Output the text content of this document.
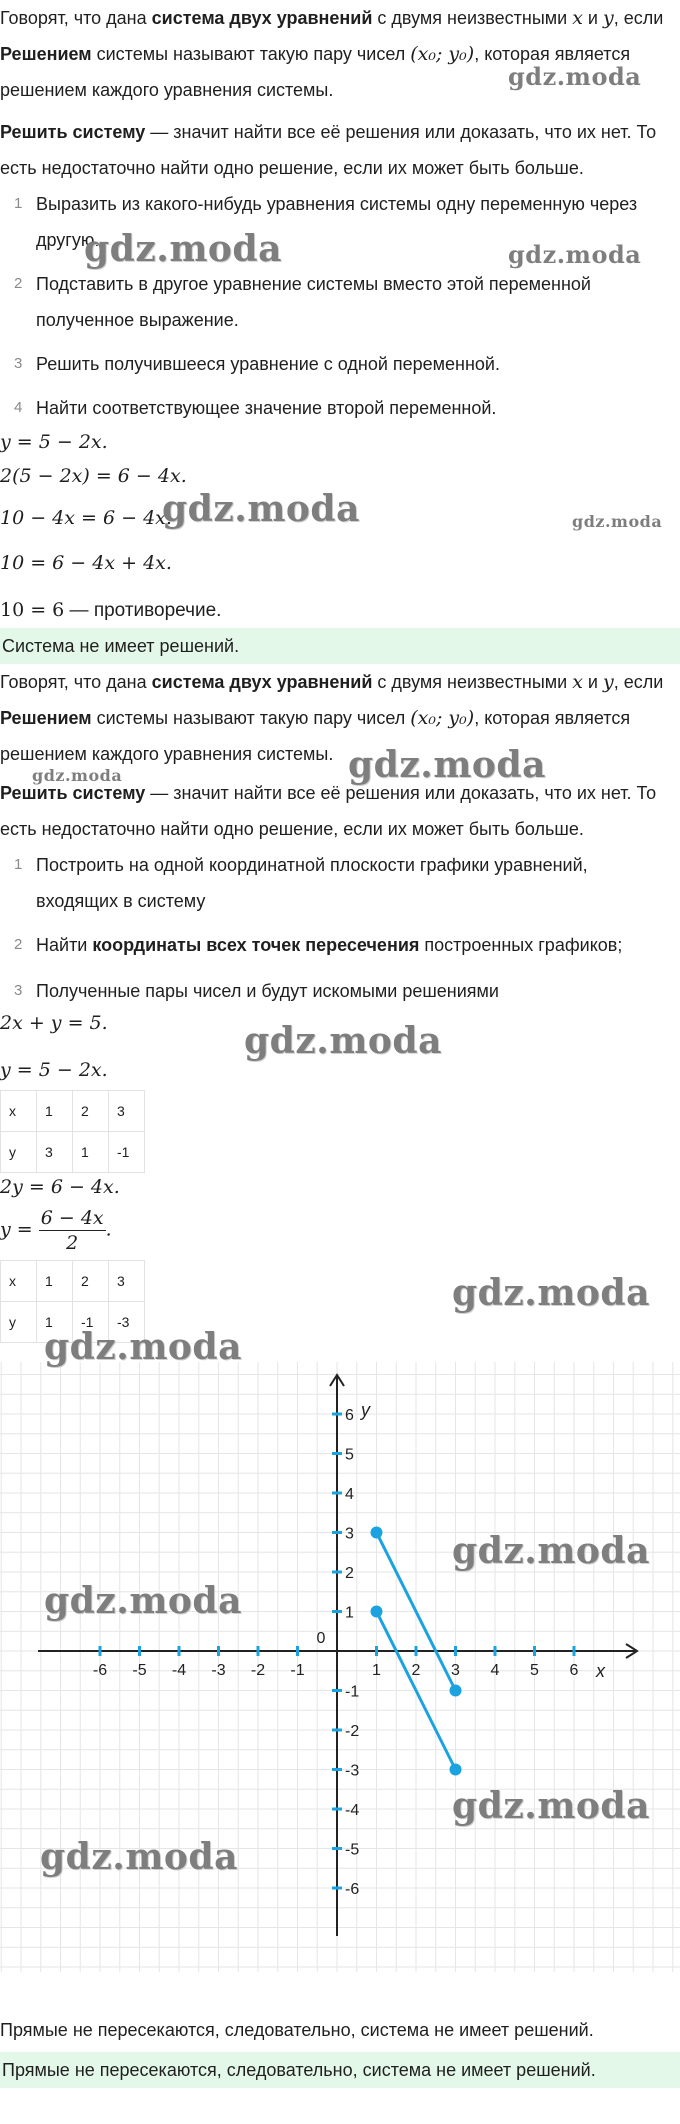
Говорят, что дана система двух уравнений с двумя неизвестными x и y, если

Решением системы называют такую пару чисел (x₀; y₀), которая является

решением каждого уравнения системы.

Решить систему — значит найти все её решения или доказать, что их нет. То

есть недостаточно найти одно решение, если их может быть больше.

1 Выразить из какого-нибудь уравнения системы одну переменную через
другую.
2 Подставить в другое уравнение системы вместо этой переменной
полученное выражение.
3 Решить получившееся уравнение с одной переменной.
4 Найти соответствующее значение второй переменной.
y = 5 − 2x.
2(5 − 2x) = 6 − 4x.
10 − 4x = 6 − 4x.
10 = 6 − 4x + 4x.
10 = 6 — противоречие.
Система не имеет решений.

Говорят, что дана система двух уравнений с двумя неизвестными x и y, если

Решением системы называют такую пару чисел (x₀; y₀), которая является

решением каждого уравнения системы.

Решить систему — значит найти все её решения или доказать, что их нет. То

есть недостаточно найти одно решение, если их может быть больше.

1 Построить на одной координатной плоскости графики уравнений,
входящих в систему
2 Найти координаты всех точек пересечения построенных графиков;
3 Полученные пары чисел и будут искомыми решениями
2x + y = 5.
y = 5 − 2x.
x	1	2	3
y	3	1	-1
2y = 6 − 4x.
$y = \frac{6 - 4x}{2}$ .
x	1	2	3
y	1	-1	-3
-6 -5 -4 -3 -2 -1	1 2 3 4 5 6
6
5
4
3
2
1
-1
-2
-3
-4
-5
-6
0
x
y

Прямые не пересекаются, следовательно, система не имеет решений.

Прямые не пересекаются, следовательно, система не имеет решений.
gdz.moda
gdz.moda	gdz.moda
gdz.moda	gdz.moda
gdz.moda
gdz.moda
gdz.moda
gdz.moda
gdz.moda
gdz.moda
gdz.moda
gdz.moda
gdz.moda
